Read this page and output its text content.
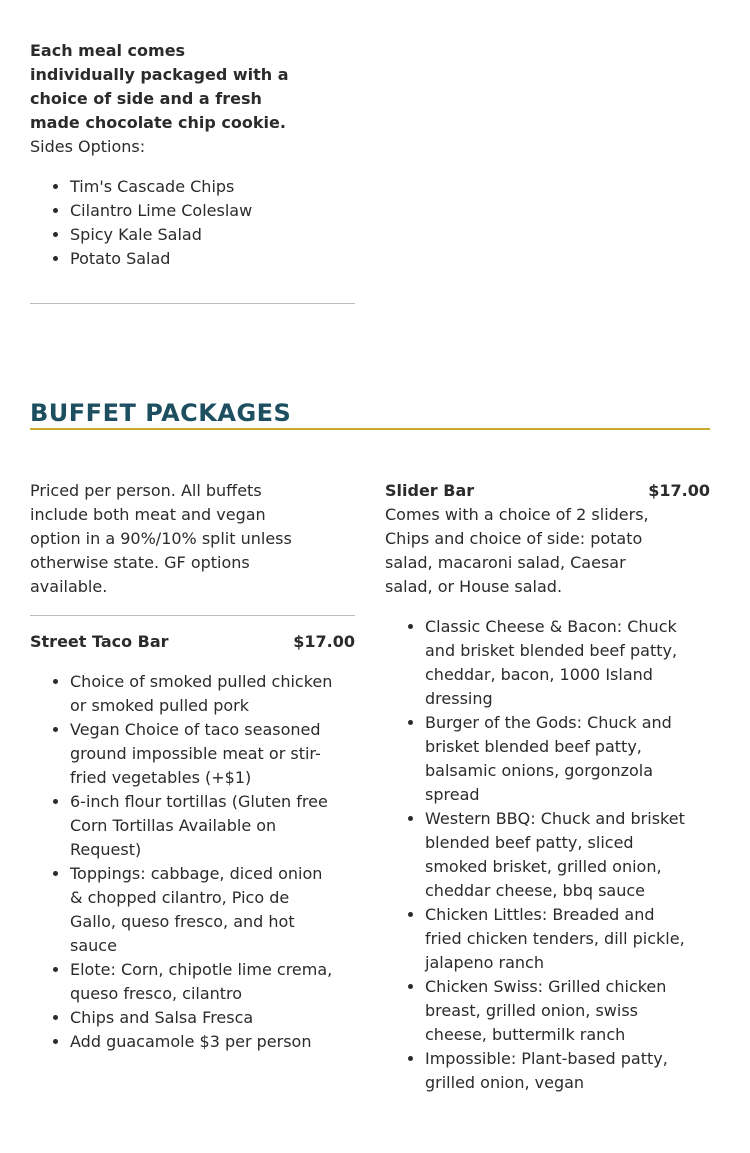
Each meal comes individually packaged with a choice of side and a fresh made chocolate chip cookie.
Sides Options:
• Tim's Cascade Chips
• Cilantro Lime Coleslaw
• Spicy Kale Salad
• Potato Salad
BUFFET PACKAGES
Priced per person. All buffets include both meat and vegan option in a 90%/10% split unless otherwise state. GF options available.
Street Taco Bar	$17.00
• Choice of smoked pulled chicken or smoked pulled pork
• Vegan Choice of taco seasoned ground impossible meat or stir-fried vegetables (+$1)
• 6-inch flour tortillas (Gluten free Corn Tortillas Available on Request)
• Toppings: cabbage, diced onion & chopped cilantro, Pico de Gallo, queso fresco, and hot sauce
• Elote: Corn, chipotle lime crema, queso fresco, cilantro
• Chips and Salsa Fresca
• Add guacamole $3 per person
Slider Bar	$17.00
Comes with a choice of 2 sliders, Chips and choice of side: potato salad, macaroni salad, Caesar salad, or House salad.
• Classic Cheese & Bacon: Chuck and brisket blended beef patty, cheddar, bacon, 1000 Island dressing
• Burger of the Gods: Chuck and brisket blended beef patty, balsamic onions, gorgonzola spread
• Western BBQ: Chuck and brisket blended beef patty, sliced smoked brisket, grilled onion, cheddar cheese, bbq sauce
• Chicken Littles: Breaded and fried chicken tenders, dill pickle, jalapeno ranch
• Chicken Swiss: Grilled chicken breast, grilled onion, swiss cheese, buttermilk ranch
• Impossible: Plant-based patty, grilled onion, vegan
